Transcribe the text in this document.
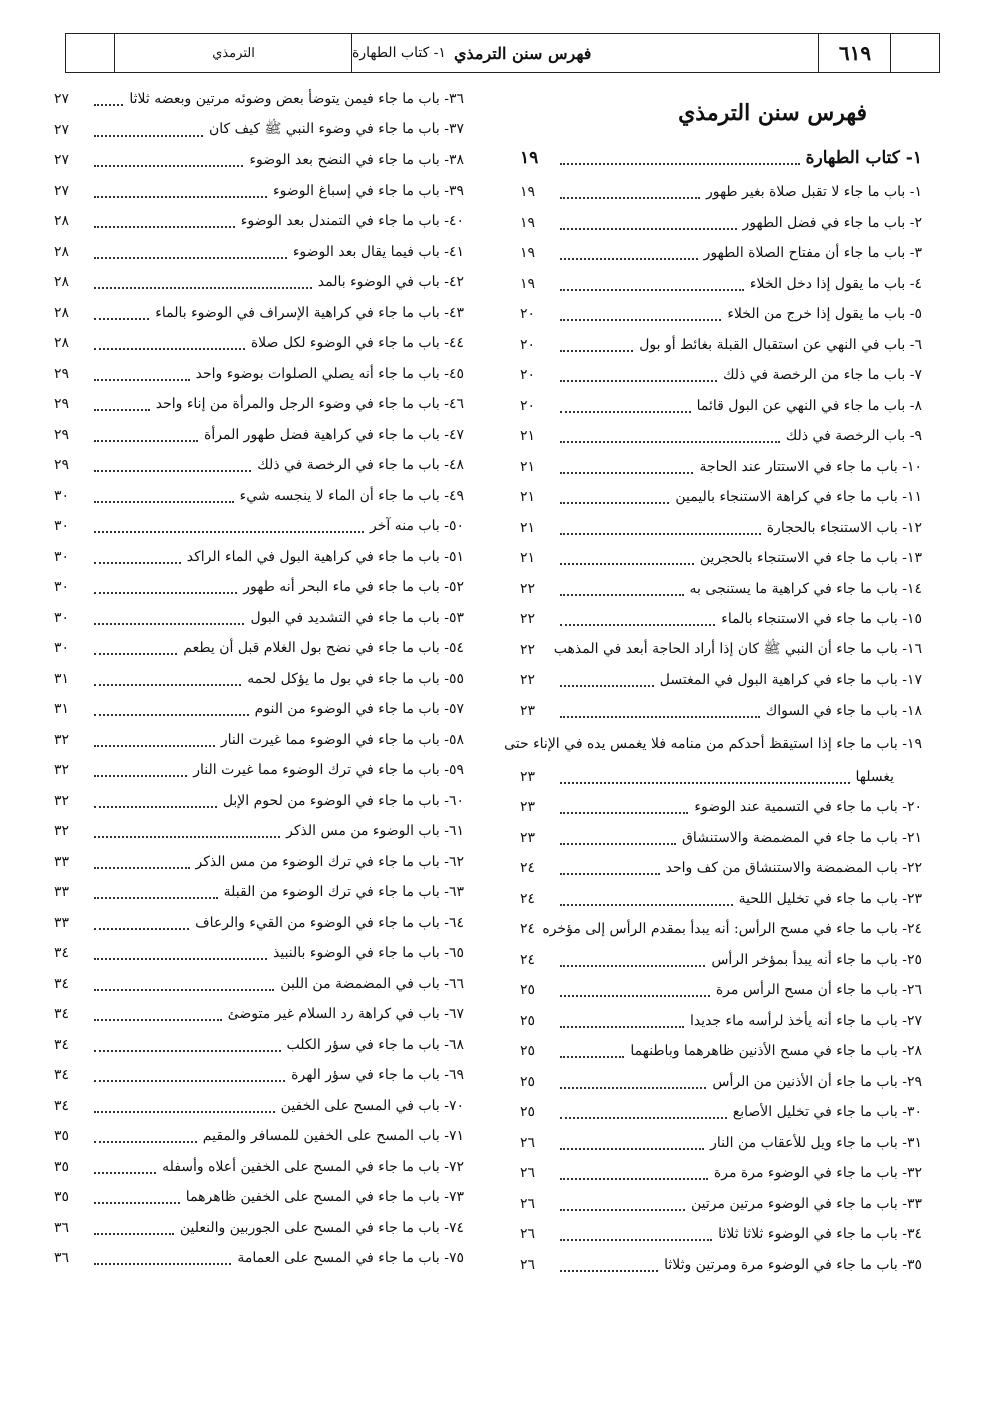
الترمذي	فهرس سنن الترمذي
١- كتاب الطهارة	٦١٩
فهرس سنن الترمذي
١- كتاب الطهارة
١٩
١- باب ما جاء لا تقبل صلاة بغير طهور
١٩
٢- باب ما جاء في فضل الطهور
١٩
٣- باب ما جاء أن مفتاح الصلاة الطهور
١٩
٤- باب ما يقول إذا دخل الخلاء
١٩
٥- باب ما يقول إذا خرج من الخلاء
٢٠
٦- باب في النهي عن استقبال القبلة بغائط أو بول
٢٠
٧- باب ما جاء من الرخصة في ذلك
٢٠
٨- باب ما جاء في النهي عن البول قائما
٢٠
٩- باب الرخصة في ذلك
٢١
١٠- باب ما جاء في الاستتار عند الحاجة
٢١
١١- باب ما جاء في كراهة الاستنجاء باليمين
٢١
١٢- باب الاستنجاء بالحجارة
٢١
١٣- باب ما جاء في الاستنجاء بالحجرين
٢١
١٤- باب ما جاء في كراهية ما يستنجى به
٢٢
١٥- باب ما جاء في الاستنجاء بالماء
٢٢
١٦- باب ما جاء أن النبي ﷺ كان إذا أراد الحاجة أبعد في المذهب
٢٢
١٧- باب ما جاء في كراهية البول في المغتسل
٢٢
١٨- باب ما جاء في السواك
٢٣
١٩- باب ما جاء إذا استيقظ أحدكم من منامه فلا يغمس يده في الإناء حتى
يغسلها
٢٣
٢٠- باب ما جاء في التسمية عند الوضوء
٢٣
٢١- باب ما جاء في المضمضة والاستنشاق
٢٣
٢٢- باب المضمضة والاستنشاق من كف واحد
٢٤
٢٣- باب ما جاء في تخليل اللحية
٢٤
٢٤- باب ما جاء في مسح الرأس: أنه يبدأ بمقدم الرأس إلى مؤخره
٢٤
٢٥- باب ما جاء أنه يبدأ بمؤخر الرأس
٢٤
٢٦- باب ما جاء أن مسح الرأس مرة
٢٥
٢٧- باب ما جاء أنه يأخذ لرأسه ماء جديدا
٢٥
٢٨- باب ما جاء في مسح الأذنين ظاهرهما وباطنهما
٢٥
٢٩- باب ما جاء أن الأذنين من الرأس
٢٥
٣٠- باب ما جاء في تخليل الأصابع
٢٥
٣١- باب ما جاء ويل للأعقاب من النار
٢٦
٣٢- باب ما جاء في الوضوء مرة مرة
٢٦
٣٣- باب ما جاء في الوضوء مرتين مرتين
٢٦
٣٤- باب ما جاء في الوضوء ثلاثا ثلاثا
٢٦
٣٥- باب ما جاء في الوضوء مرة ومرتين وثلاثا
٢٦
٣٦- باب ما جاء فيمن يتوضأ بعض وضوئه مرتين وبعضه ثلاثا
٢٧
٣٧- باب ما جاء في وضوء النبي ﷺ كيف كان
٢٧
٣٨- باب ما جاء في النضح بعد الوضوء
٢٧
٣٩- باب ما جاء في إسباغ الوضوء
٢٧
٤٠- باب ما جاء في التمندل بعد الوضوء
٢٨
٤١- باب فيما يقال بعد الوضوء
٢٨
٤٢- باب في الوضوء بالمد
٢٨
٤٣- باب ما جاء في كراهية الإسراف في الوضوء بالماء
٢٨
٤٤- باب ما جاء في الوضوء لكل صلاة
٢٨
٤٥- باب ما جاء أنه يصلي الصلوات بوضوء واحد
٢٩
٤٦- باب ما جاء في وضوء الرجل والمرأة من إناء واحد
٢٩
٤٧- باب ما جاء في كراهية فضل طهور المرأة
٢٩
٤٨- باب ما جاء في الرخصة في ذلك
٢٩
٤٩- باب ما جاء أن الماء لا ينجسه شيء
٣٠
٥٠- باب منه آخر
٣٠
٥١- باب ما جاء في كراهية البول في الماء الراكد
٣٠
٥٢- باب ما جاء في ماء البحر أنه طهور
٣٠
٥٣- باب ما جاء في التشديد في البول
٣٠
٥٤- باب ما جاء في نضح بول الغلام قبل أن يطعم
٣٠
٥٥- باب ما جاء في بول ما يؤكل لحمه
٣١
٥٧- باب ما جاء في الوضوء من النوم
٣١
٥٨- باب ما جاء في الوضوء مما غيرت النار
٣٢
٥٩- باب ما جاء في ترك الوضوء مما غيرت النار
٣٢
٦٠- باب ما جاء في الوضوء من لحوم الإبل
٣٢
٦١- باب الوضوء من مس الذكر
٣٢
٦٢- باب ما جاء في ترك الوضوء من مس الذكر
٣٣
٦٣- باب ما جاء في ترك الوضوء من القبلة
٣٣
٦٤- باب ما جاء في الوضوء من القيء والرعاف
٣٣
٦٥- باب ما جاء في الوضوء بالنبيذ
٣٤
٦٦- باب في المضمضة من اللبن
٣٤
٦٧- باب في كراهة رد السلام غير متوضئ
٣٤
٦٨- باب ما جاء في سؤر الكلب
٣٤
٦٩- باب ما جاء في سؤر الهرة
٣٤
٧٠- باب في المسح على الخفين
٣٤
٧١- باب المسح على الخفين للمسافر والمقيم
٣٥
٧٢- باب ما جاء في المسح على الخفين أعلاه وأسفله
٣٥
٧٣- باب ما جاء في المسح على الخفين ظاهرهما
٣٥
٧٤- باب ما جاء في المسح على الجوربين والنعلين
٣٦
٧٥- باب ما جاء في المسح على العمامة
٣٦
